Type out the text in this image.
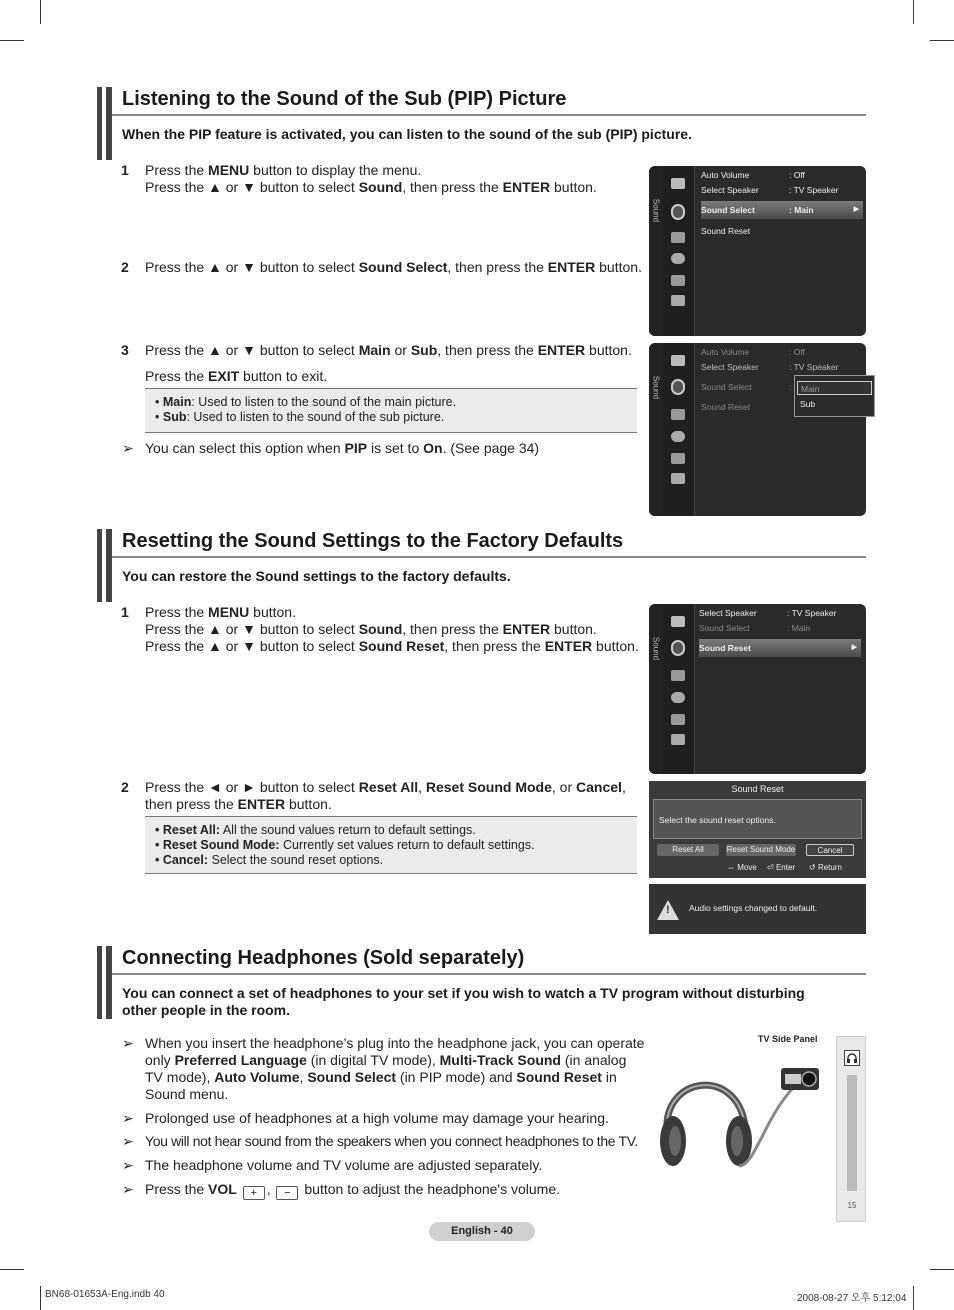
Listening to the Sound of the Sub (PIP) Picture
When the PIP feature is activated, you can listen to the sound of the sub (PIP) picture.
1 Press the MENU button to display the menu.
Press the ▲ or ▼ button to select Sound, then press the ENTER button.
2 Press the ▲ or ▼ button to select Sound Select, then press the ENTER button.
3 Press the ▲ or ▼ button to select Main or Sub, then press the ENTER button.
Press the EXIT button to exit.
• Main: Used to listen to the sound of the main picture.
• Sub: Used to listen to the sound of the sub picture.
➢ You can select this option when PIP is set to On. (See page 34)
Sound
Auto Volume	: Off
Select Speaker	: TV Speaker
Sound Select	: Main	▶
Sound Reset
Sound
Auto Volume	: Off
Select Speaker	: TV Speaker
Sound Select	:
Sound Reset
Main
Sub
Resetting the Sound Settings to the Factory Defaults
You can restore the Sound settings to the factory defaults.
1 Press the MENU button.
Press the ▲ or ▼ button to select Sound, then press the ENTER button.
Press the ▲ or ▼ button to select Sound Reset, then press the ENTER button.
2 Press the ◄ or ► button to select Reset All, Reset Sound Mode, or Cancel,
then press the ENTER button.
• Reset All: All the sound values return to default settings.
• Reset Sound Mode: Currently set values return to default settings.
• Cancel: Select the sound reset options.
Sound
Select Speaker	: TV Speaker
Sound Select	: Main
Sound Reset	▶
Sound Reset
Select the sound reset options.
Reset All	Reset Sound Mode	Cancel
⇔ Move ⏎ Enter ↺ Return
! Audio settings changed to default.
Connecting Headphones (Sold separately)
You can connect a set of headphones to your set if you wish to watch a TV program without disturbing other people in the room.
➢ When you insert the headphone’s plug into the headphone jack, you can operate
only Preferred Language (in digital TV mode), Multi-Track Sound (in analog
TV mode), Auto Volume, Sound Select (in PIP mode) and Sound Reset in
Sound menu.
➢ Prolonged use of headphones at a high volume may damage your hearing.
➢ You will not hear sound from the speakers when you connect headphones to the TV.
➢ The headphone volume and TV volume are adjusted separately.
➢ Press the VOL + , − button to adjust the headphone's volume.
TV Side Panel
15
English - 40
BN68-01653A-Eng.indb 40	2008-08-27 오후 5:12:04
